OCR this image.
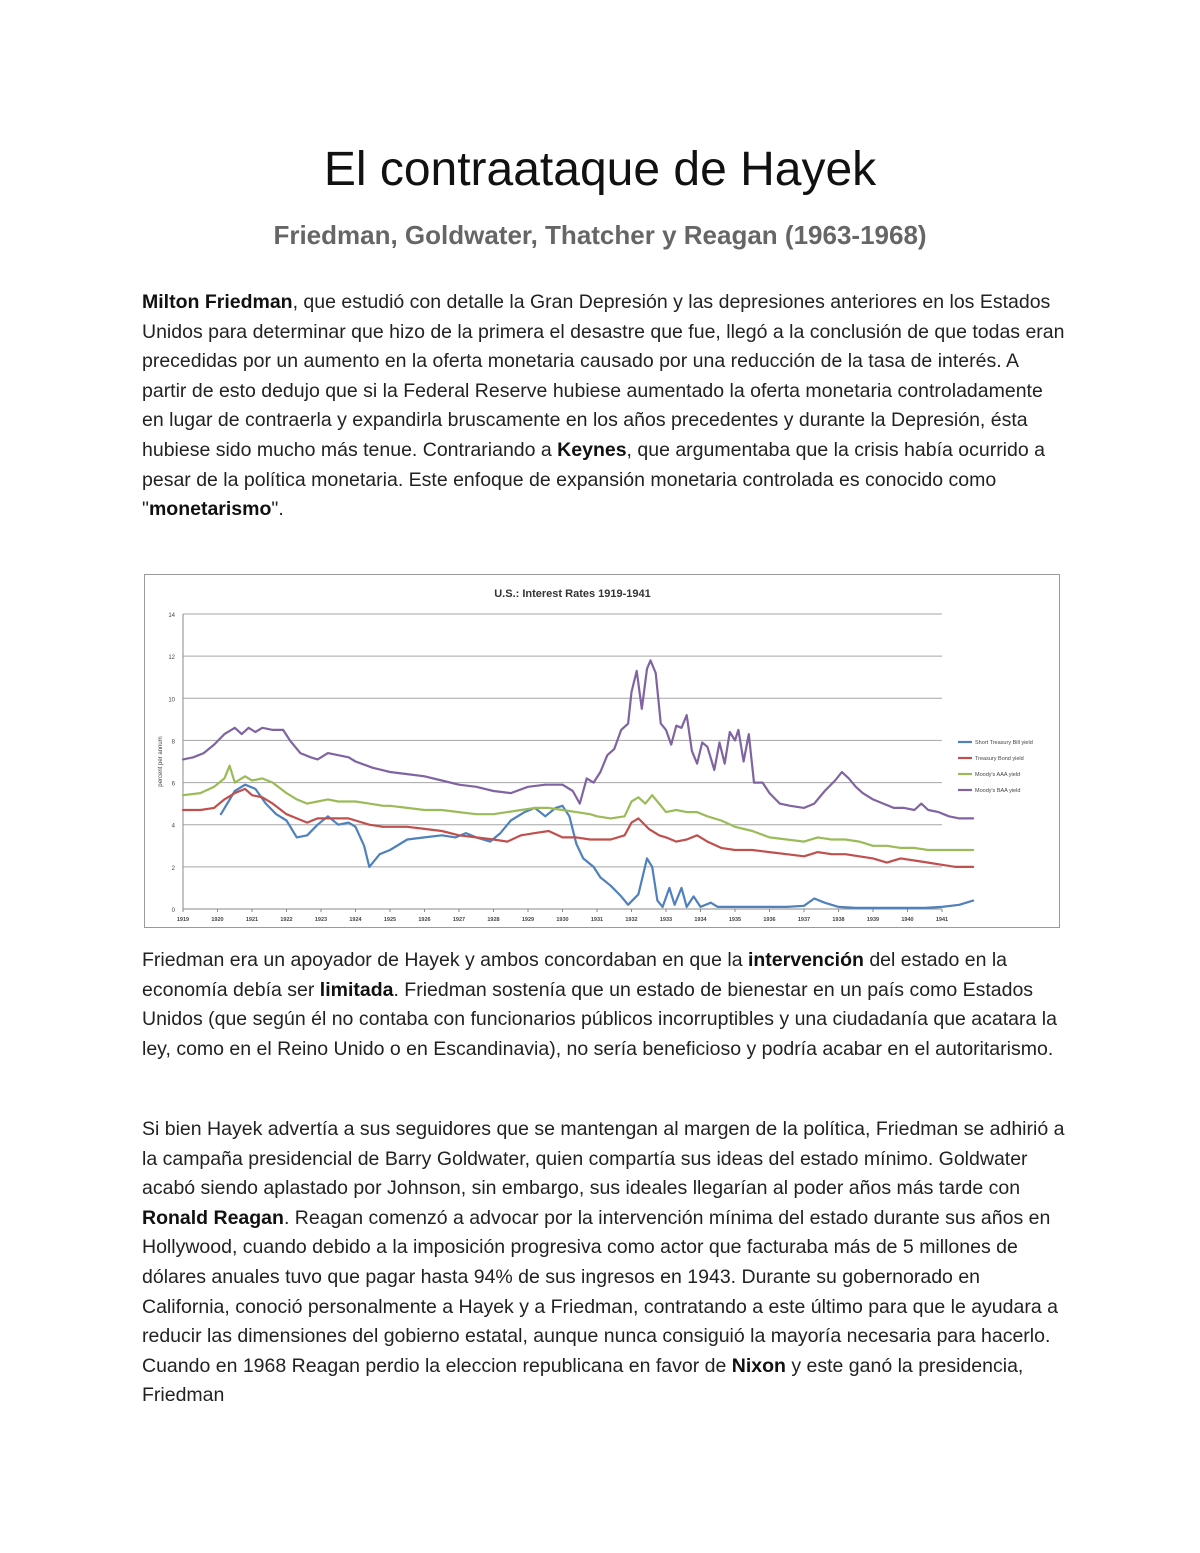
El contraataque de Hayek
Friedman, Goldwater, Thatcher y Reagan (1963-1968)

Milton Friedman, que estudió con detalle la Gran Depresión y las depresiones anteriores en los Estados Unidos para determinar que hizo de la primera el desastre que fue, llegó a la conclusión de que todas eran precedidas por un aumento en la oferta monetaria causado por una reducción de la tasa de interés. A partir de esto dedujo que si la Federal Reserve hubiese aumentado la oferta monetaria controladamente en lugar de contraerla y expandirla bruscamente en los años precedentes y durante la Depresión, ésta hubiese sido mucho más tenue. Contrariando a Keynes, que argumentaba que la crisis había ocurrido a pesar de la política monetaria. Este enfoque de expansión monetaria controlada es conocido como "monetarismo".

U.S.: Interest Rates 1919-1941
0
2
4
6
8
10
12
14
percent per annum
1919	1920	1921	1922	1923	1924	1925	1926	1927	1928	1929	1930	1931	1932	1933	1934	1935	1936	1937	1938	1939	1940	1941
Short Treasury Bill yield
Treasury Bond yield
Moody's AAA yield
Moody's BAA yield

Friedman era un apoyador de Hayek y ambos concordaban en que la intervención del estado en la economía debía ser limitada. Friedman sostenía que un estado de bienestar en un país como Estados Unidos (que según él no contaba con funcionarios públicos incorruptibles y una ciudadanía que acatara la ley, como en el Reino Unido o en Escandinavia), no sería beneficioso y podría acabar en el autoritarismo.

Si bien Hayek advertía a sus seguidores que se mantengan al margen de la política, Friedman se adhirió a la campaña presidencial de Barry Goldwater, quien compartía sus ideas del estado mínimo. Goldwater acabó siendo aplastado por Johnson, sin embargo, sus ideales llegarían al poder años más tarde con Ronald Reagan. Reagan comenzó a advocar por la intervención mínima del estado durante sus años en Hollywood, cuando debido a la imposición progresiva como actor que facturaba más de 5 millones de dólares anuales tuvo que pagar hasta 94% de sus ingresos en 1943. Durante su gobernorado en California, conoció personalmente a Hayek y a Friedman, contratando a este último para que le ayudara a reducir las dimensiones del gobierno estatal, aunque nunca consiguió la mayoría necesaria para hacerlo. Cuando en 1968 Reagan perdio la eleccion republicana en favor de Nixon y este ganó la presidencia, Friedman
